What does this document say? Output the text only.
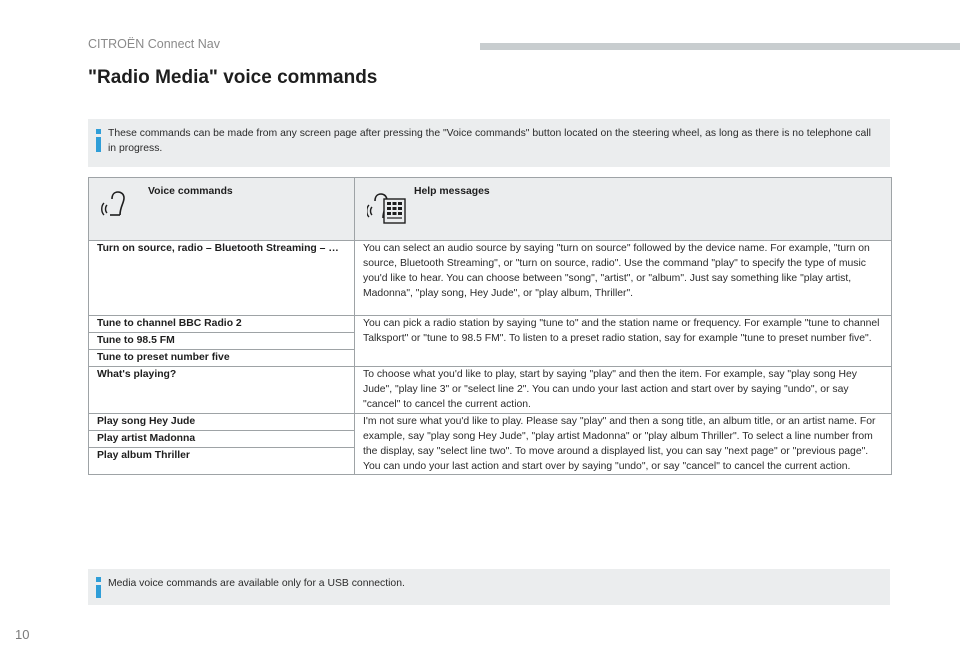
CITROËN Connect Nav
"Radio Media" voice commands
These commands can be made from any screen page after pressing the "Voice commands" button located on the steering wheel, as long as there is no telephone call in progress.
Voice commands	Help messages

Turn on source, radio – Bluetooth Streaming – …	You can select an audio source by saying "turn on source" followed by the device name. For example, "turn on source, Bluetooth Streaming", or "turn on source, radio". Use the command "play" to specify the type of music you'd like to hear. You can choose between "song", "artist", or "album". Just say something like "play artist, Madonna", "play song, Hey Jude", or "play album, Thriller".
Tune to channel BBC Radio 2	You can pick a radio station by saying "tune to" and the station name or frequency. For example "tune to channel Talksport" or "tune to 98.5 FM". To listen to a preset radio station, say for example "tune to preset number five".
Tune to 98.5 FM	
Tune to preset number five	
What's playing?	To choose what you'd like to play, start by saying "play" and then the item. For example, say "play song Hey Jude", "play line 3" or "select line 2". You can undo your last action and start over by saying "undo", or say "cancel" to cancel the current action.
Play song Hey Jude	I'm not sure what you'd like to play. Please say "play" and then a song title, an album title, or an artist name. For example, say "play song Hey Jude", "play artist Madonna" or "play album Thriller". To select a line number from the display, say "select line two". To move around a displayed list, you can say "next page" or "previous page". You can undo your last action and start over by saying "undo", or say "cancel" to cancel the current action.
Play artist Madonna	
Play album Thriller	
Media voice commands are available only for a USB connection.
10
